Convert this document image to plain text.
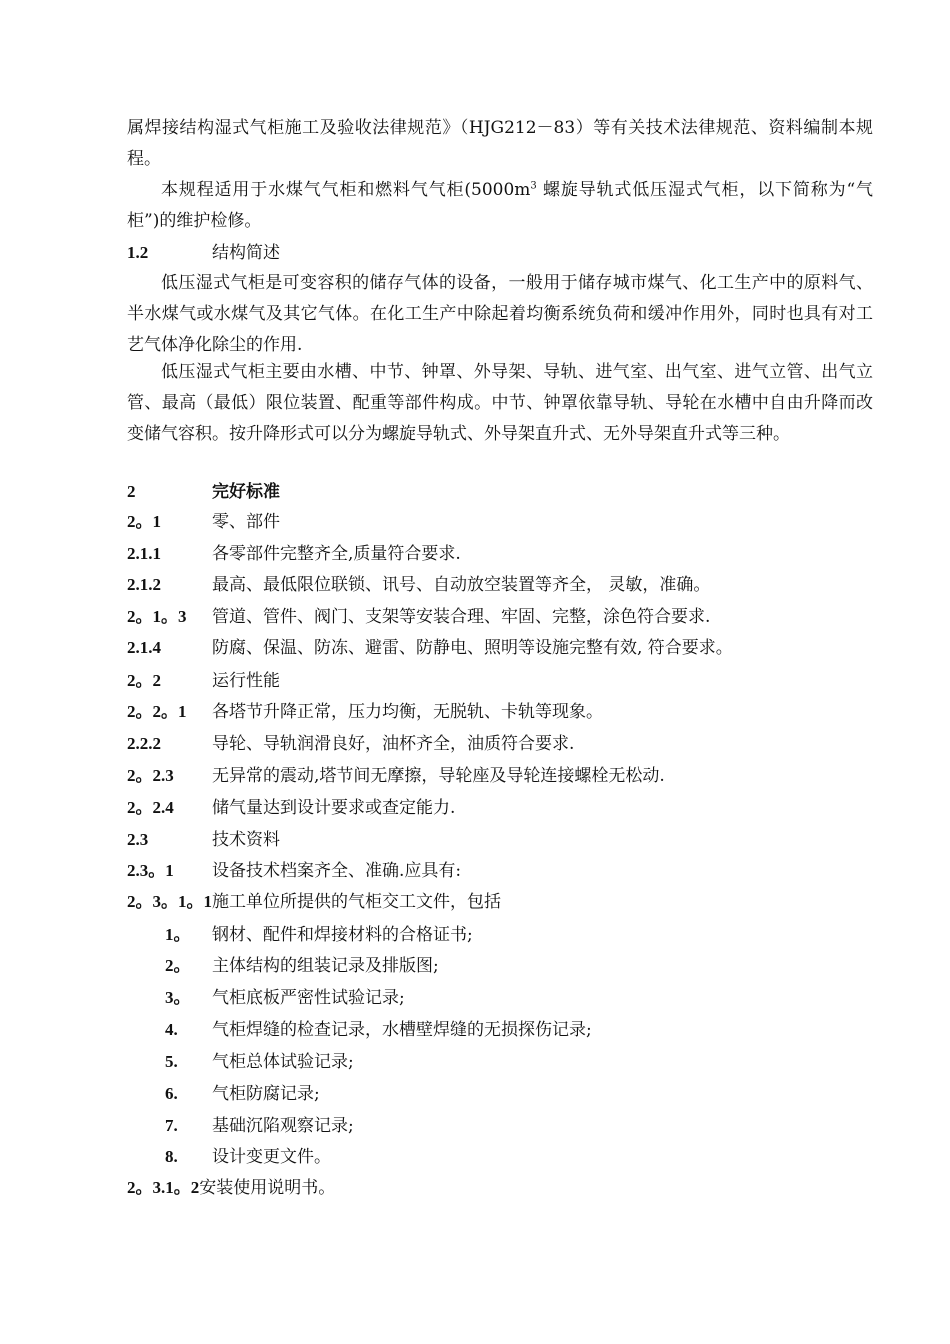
属焊接结构湿式气柜施工及验收法律规范》（HJG212－83）等有关技术法律规范、资料编制本规程。

本规程适用于水煤气气柜和燃料气气柜($5000m^3$ 螺旋导轨式低压湿式气柜，以下简称为“气柜”)的维护检修。

1.2	结构简述

低压湿式气柜是可变容积的储存气体的设备，一般用于储存城市煤气、化工生产中的原料气、半水煤气或水煤气及其它气体。在化工生产中除起着均衡系统负荷和缓冲作用外，同时也具有对工艺气体净化除尘的作用.

低压湿式气柜主要由水槽、中节、钟罩、外导架、导轨、进气室、出气室、进气立管、出气立管、最高（最低）限位装置、配重等部件构成。中节、钟罩依靠导轨、导轮在水槽中自由升降而改变储气容积。按升降形式可以分为螺旋导轨式、外导架直升式、无外导架直升式等三种。

2	完好标准
2。1	零、部件
2.1.1	各零部件完整齐全,质量符合要求.
2.1.2	最高、最低限位联锁、讯号、自动放空装置等齐全， 灵敏，准确。
2。1。3 管道、管件、阀门、支架等安装合理、牢固、完整，涂色符合要求.
2.1.4	防腐、保温、防冻、避雷、防静电、照明等设施完整有效, 符合要求。
2。2	运行性能
2。2。1 各塔节升降正常，压力均衡，无脱轨、卡轨等现象。
2.2.2	导轮、导轨润滑良好，油杯齐全，油质符合要求.
2。2.3 无异常的震动,塔节间无摩擦，导轮座及导轮连接螺栓无松动.
2。2.4 储气量达到设计要求或查定能力.
2.3	技术资料
2.3。1 设备技术档案齐全、准确.应具有:
2。3。1。1施工单位所提供的气柜交工文件，包括
1。 钢材、配件和焊接材料的合格证书;
2。 主体结构的组装记录及排版图;
3。 气柜底板严密性试验记录;
4. 气柜焊缝的检查记录，水槽壁焊缝的无损探伤记录;
5. 气柜总体试验记录;
6. 气柜防腐记录;
7. 基础沉陷观察记录;
8. 设计变更文件。
2。3.1。2安装使用说明书。
